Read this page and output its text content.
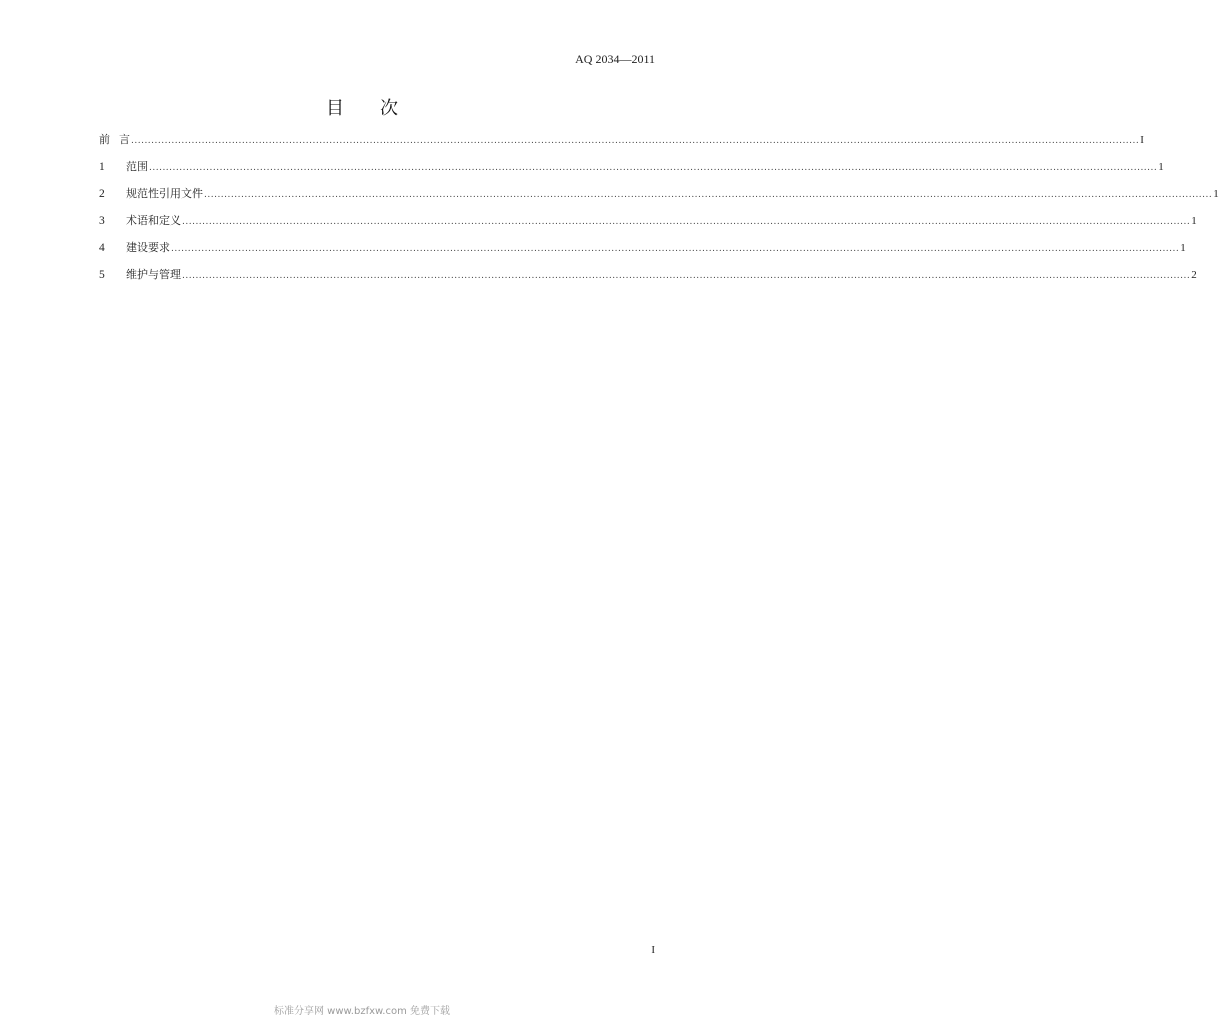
AQ 2034—2011
目 次
前 言 ............................................................................................................................................................................................................................................................................................................ I
1	范围 ............................................................................................................................................................................................................................................................................................................ 1
2	规范性引用文件 ............................................................................................................................................................................................................................................................................................................ 1
3	术语和定义 ............................................................................................................................................................................................................................................................................................................ 1
4	建设要求 ............................................................................................................................................................................................................................................................................................................ 1
5	维护与管理 ............................................................................................................................................................................................................................................................................................................ 2
I
标准分享网 www.bzfxw.com 免费下载
